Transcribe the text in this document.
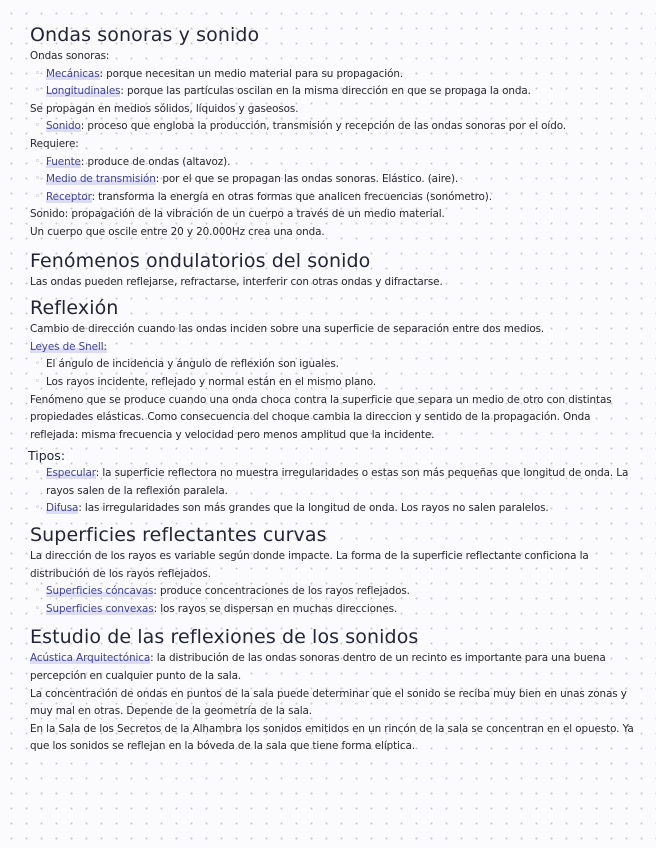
Ondas sonoras y sonido

Ondas sonoras:

◦ Mecánicas: porque necesitan un medio material para su propagación.

◦ Longitudinales: porque las partículas oscilan en la misma dirección en que se propaga la onda.

Se propagan en medios sólidos, líquidos y gaseosos.

◦ Sonido: proceso que engloba la producción, transmisión y recepción de las ondas sonoras por el oído.

Requiere:

◦ Fuente: produce de ondas (altavoz).

◦ Medio de transmisión: por el que se propagan las ondas sonoras. Elástico. (aire).

◦ Receptor: transforma la energía en otras formas que analicen frecuencias (sonómetro).

Sonido: propagación de la vibración de un cuerpo a través de un medio material.

Un cuerpo que oscile entre 20 y 20.000Hz crea una onda.

Fenómenos ondulatorios del sonido

Las ondas pueden reflejarse, refractarse, interferir con otras ondas y difractarse.

Reflexión

Cambio de dirección cuando las ondas inciden sobre una superficie de separación entre dos medios.

Leyes de Snell:

◦ El ángulo de incidencia y ángulo de reflexión son iguales.

◦ Los rayos incidente, reflejado y normal están en el mismo plano.

Fenómeno que se produce cuando una onda choca contra la superficie que separa un medio de otro con distintas propiedades elásticas. Como consecuencia del choque cambia la direccion y sentido de la propagación. Onda reflejada: misma frecuencia y velocidad pero menos amplitud que la incidente.

Tipos:

◦ Especular: la superficie reflectora no muestra irregularidades o estas son más pequeñas que longitud de onda. La rayos salen de la reflexión paralela.

◦ Difusa: las irregularidades son más grandes que la longitud de onda. Los rayos no salen paralelos.

Superficies reflectantes curvas

La dirección de los rayos es variable según donde impacte. La forma de la superficie reflectante conficiona la distribución de los rayos reflejados.

◦ Superficies cóncavas: produce concentraciones de los rayos reflejados.

◦ Superficies convexas: los rayos se dispersan en muchas direcciones.

Estudio de las reflexiones de los sonidos

Acústica Arquitectónica: la distribución de las ondas sonoras dentro de un recinto es importante para una buena percepción en cualquier punto de la sala.

La concentración de ondas en puntos de la sala puede determinar que el sonido se reciba muy bien en unas zonas y muy mal en otras. Depende de la geometría de la sala.

En la Sala de los Secretos de la Alhambra los sonidos emitidos en un rincón de la sala se concentran en el opuesto. Ya que los sonidos se reflejan en la bóveda de la sala que tiene forma elíptica.
